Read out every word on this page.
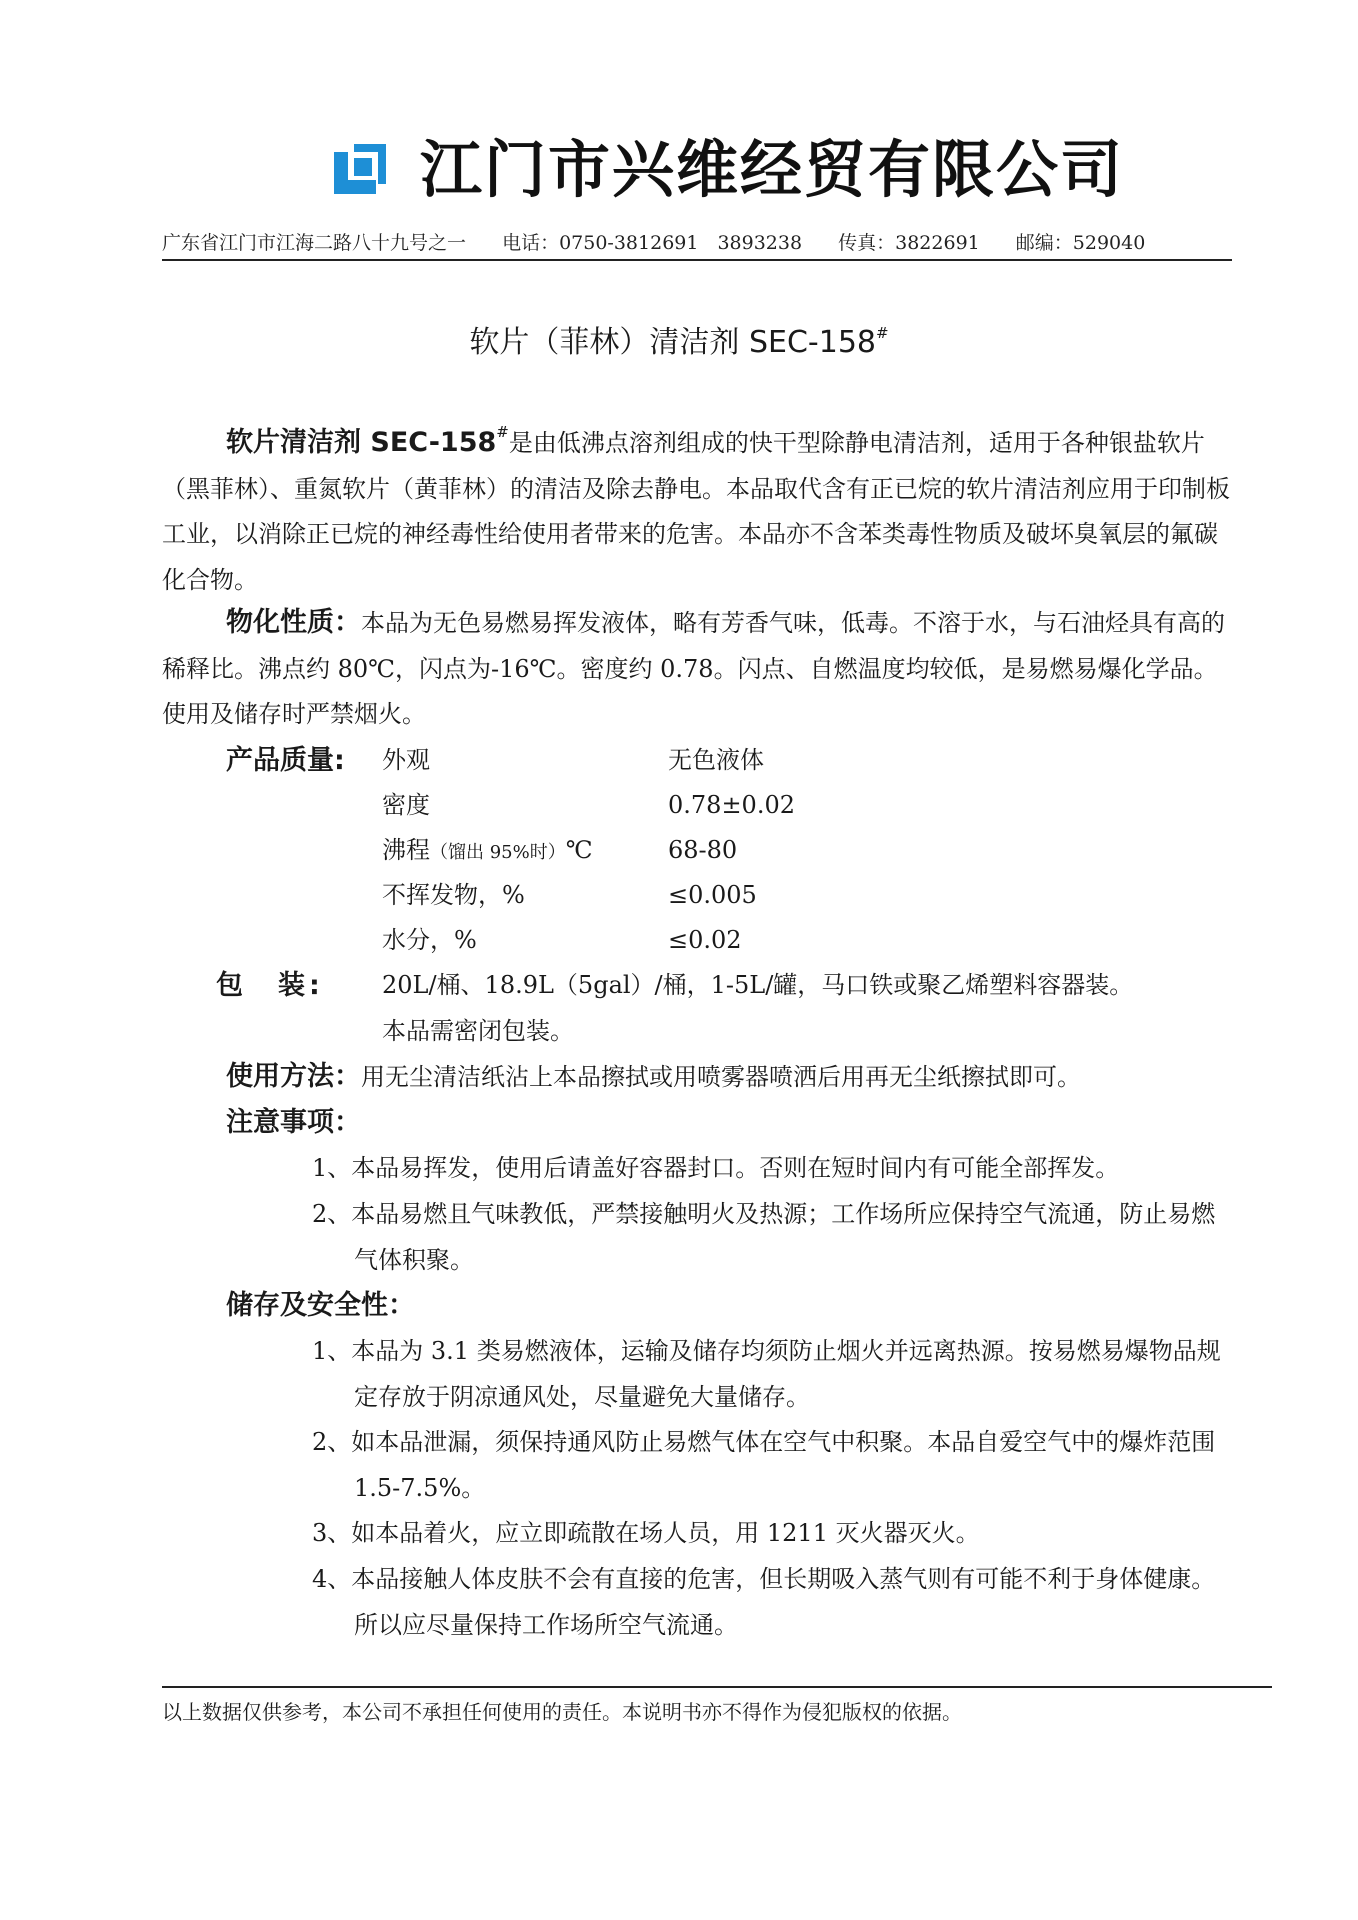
江门市兴维经贸有限公司
广东省江门市江海二路八十九号之一 电话：0750-3812691　3893238 传真：3822691 邮编：529040
软片（菲林）清洁剂 SEC-158#
软片清洁剂 SEC-158#是由低沸点溶剂组成的快干型除静电清洁剂，适用于各种银盐软片（黑菲林）、重氮软片（黄菲林）的清洁及除去静电。本品取代含有正已烷的软片清洁剂应用于印制板工业，以消除正已烷的神经毒性给使用者带来的危害。本品亦不含苯类毒性物质及破坏臭氧层的氟碳化合物。
物化性质：本品为无色易燃易挥发液体，略有芳香气味，低毒。不溶于水，与石油烃具有高的稀释比。沸点约 80℃，闪点为-16℃。密度约 0.78。闪点、自燃温度均较低，是易燃易爆化学品。使用及储存时严禁烟火。
产品质量: 外观	无色液体
密度	0.78±0.02
沸程（馏出 95%时）℃	68-80
不挥发物，%	≤0.005
水分，%	≤0.02
包　装: 20L/桶、18.9L（5gal）/桶，1-5L/罐，马口铁或聚乙烯塑料容器装。
本品需密闭包装。
使用方法：用无尘清洁纸沾上本品擦拭或用喷雾器喷洒后用再无尘纸擦拭即可。
注意事项：
1、本品易挥发，使用后请盖好容器封口。否则在短时间内有可能全部挥发。
2、本品易燃且气味教低，严禁接触明火及热源；工作场所应保持空气流通，防止易燃气体积聚。
储存及安全性：
1、本品为 3.1 类易燃液体，运输及储存均须防止烟火并远离热源。按易燃易爆物品规定存放于阴凉通风处，尽量避免大量储存。
2、如本品泄漏，须保持通风防止易燃气体在空气中积聚。本品自爱空气中的爆炸范围 1.5-7.5%。
3、如本品着火，应立即疏散在场人员，用 1211 灭火器灭火。
4、本品接触人体皮肤不会有直接的危害，但长期吸入蒸气则有可能不利于身体健康。所以应尽量保持工作场所空气流通。
以上数据仅供参考，本公司不承担任何使用的责任。本说明书亦不得作为侵犯版权的依据。
